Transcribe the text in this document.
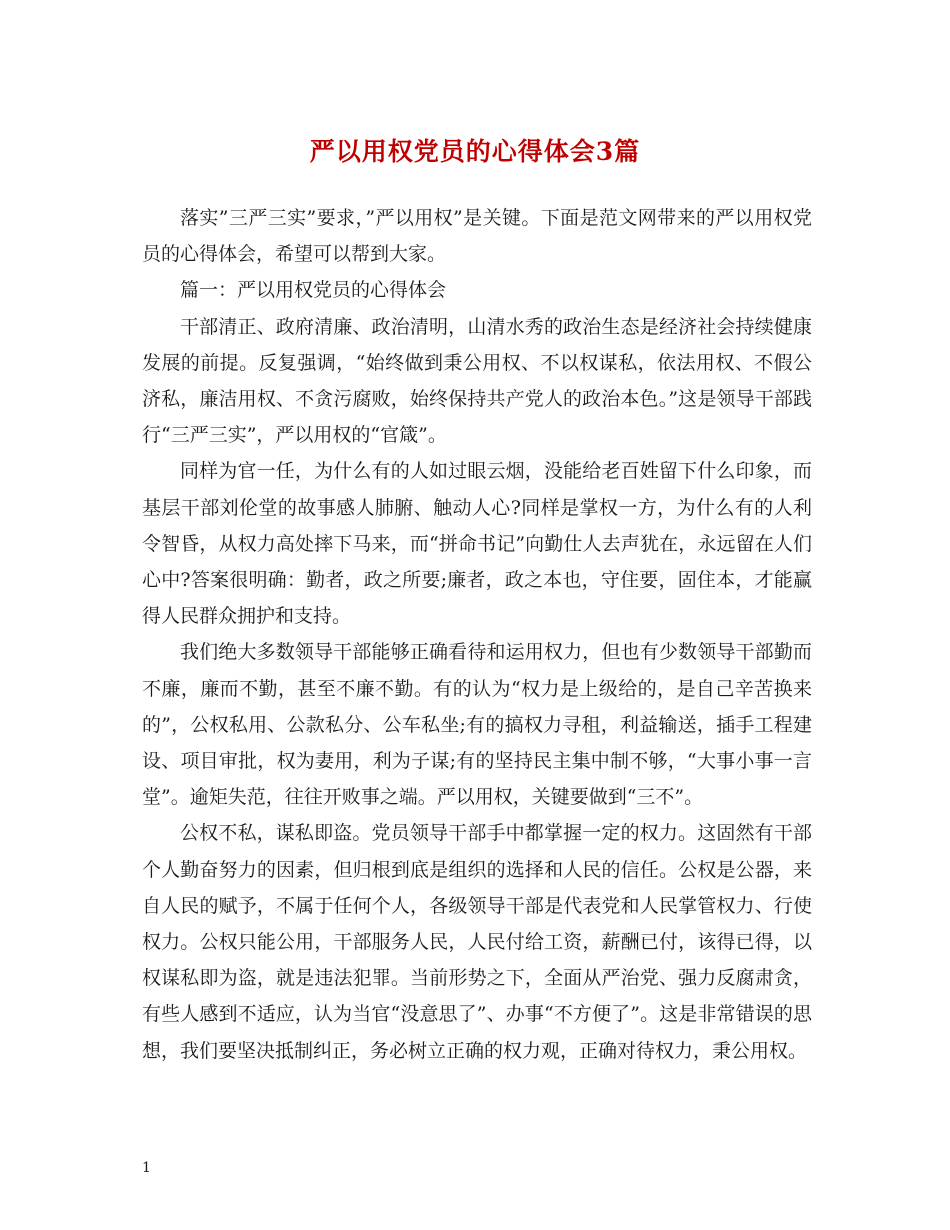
严以用权党员的心得体会3篇

落实”三严三实”要求，”严以用权”是关键。下面是范文网带来的严以用权党员的心得体会，希望可以帮到大家。

篇一：严以用权党员的心得体会

干部清正、政府清廉、政治清明，山清水秀的政治生态是经济社会持续健康发展的前提。反复强调，“始终做到秉公用权、不以权谋私，依法用权、不假公济私，廉洁用权、不贪污腐败，始终保持共产党人的政治本色。”这是领导干部践行“三严三实”，严以用权的“官箴”。

同样为官一任，为什么有的人如过眼云烟，没能给老百姓留下什么印象，而基层干部刘伦堂的故事感人肺腑、触动人心?同样是掌权一方，为什么有的人利令智昏，从权力高处摔下马来，而“拼命书记”向勤仕人去声犹在，永远留在人们心中?答案很明确：勤者，政之所要;廉者，政之本也，守住要，固住本，才能赢得人民群众拥护和支持。

我们绝大多数领导干部能够正确看待和运用权力，但也有少数领导干部勤而不廉，廉而不勤，甚至不廉不勤。有的认为“权力是上级给的，是自己辛苦换来的”，公权私用、公款私分、公车私坐;有的搞权力寻租，利益输送，插手工程建设、项目审批，权为妻用，利为子谋;有的坚持民主集中制不够，“大事小事一言堂”。逾矩失范，往往开败事之端。严以用权，关键要做到“三不”。

公权不私，谋私即盗。党员领导干部手中都掌握一定的权力。这固然有干部个人勤奋努力的因素，但归根到底是组织的选择和人民的信任。公权是公器，来自人民的赋予，不属于任何个人，各级领导干部是代表党和人民掌管权力、行使权力。公权只能公用，干部服务人民，人民付给工资，薪酬已付，该得已得，以权谋私即为盗，就是违法犯罪。当前形势之下，全面从严治党、强力反腐肃贪，有些人感到不适应，认为当官“没意思了”、办事“不方便了”。这是非常错误的思想，我们要坚决抵制纠正，务必树立正确的权力观，正确对待权力，秉公用权。

1
